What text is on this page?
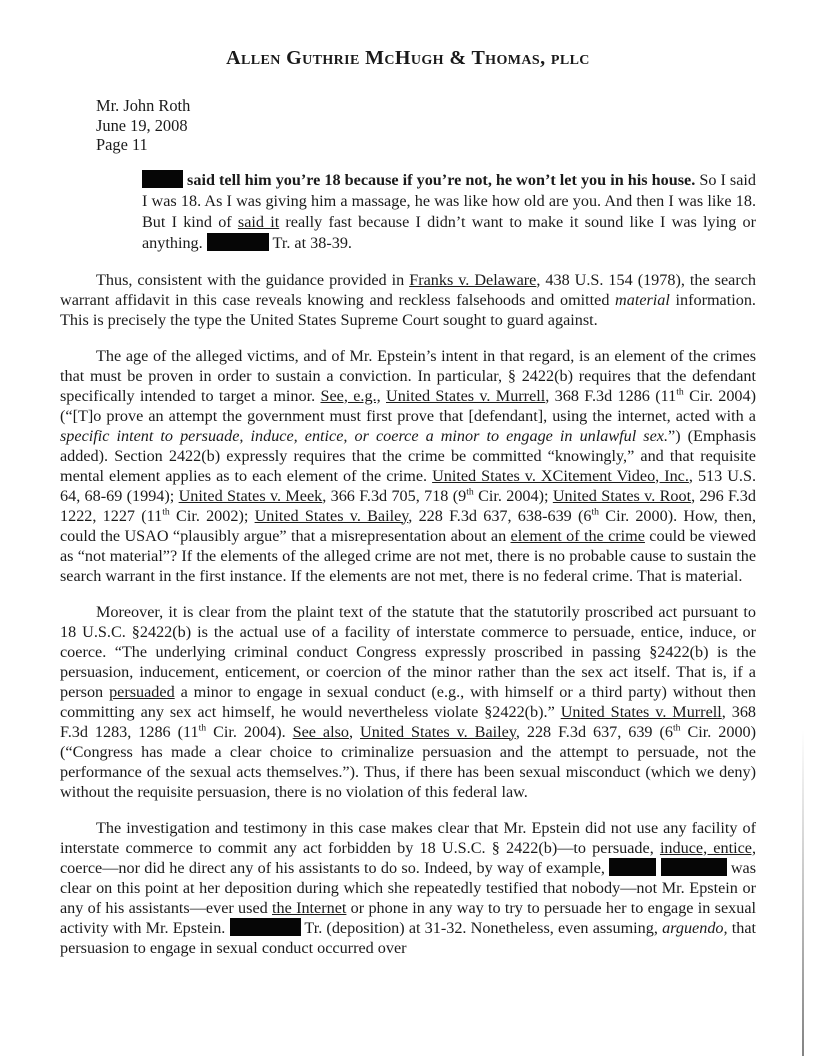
Allen Guthrie McHugh & Thomas, pllc
Mr. John Roth
June 19, 2008
Page 11
said tell him you’re 18 because if you’re not, he won’t let you in his house. So I said I was 18. As I was giving him a massage, he was like how old are you. And then I was like 18. But I kind of said it really fast because I didn’t want to make it sound like I was lying or anything.	Tr. at 38-39.
Thus, consistent with the guidance provided in Franks v. Delaware, 438 U.S. 154 (1978), the search warrant affidavit in this case reveals knowing and reckless falsehoods and omitted material information. This is precisely the type the United States Supreme Court sought to guard against.
The age of the alleged victims, and of Mr. Epstein’s intent in that regard, is an element of the crimes that must be proven in order to sustain a conviction. In particular, § 2422(b) requires that the defendant specifically intended to target a minor. See, e.g., United States v. Murrell, 368 F.3d 1286 (11th Cir. 2004) (“[T]o prove an attempt the government must first prove that [defendant], using the internet, acted with a specific intent to persuade, induce, entice, or coerce a minor to engage in unlawful sex.”) (Emphasis added). Section 2422(b) expressly requires that the crime be committed “knowingly,” and that requisite mental element applies as to each element of the crime. United States v. XCitement Video, Inc., 513 U.S. 64, 68-69 (1994); United States v. Meek, 366 F.3d 705, 718 (9th Cir. 2004); United States v. Root, 296 F.3d 1222, 1227 (11th Cir. 2002); United States v. Bailey, 228 F.3d 637, 638-639 (6th Cir. 2000). How, then, could the USAO “plausibly argue” that a misrepresentation about an element of the crime could be viewed as “not material”? If the elements of the alleged crime are not met, there is no probable cause to sustain the search warrant in the first instance. If the elements are not met, there is no federal crime. That is material.
Moreover, it is clear from the plaint text of the statute that the statutorily proscribed act pursuant to 18 U.S.C. §2422(b) is the actual use of a facility of interstate commerce to persuade, entice, induce, or coerce. “The underlying criminal conduct Congress expressly proscribed in passing §2422(b) is the persuasion, inducement, enticement, or coercion of the minor rather than the sex act itself. That is, if a person persuaded a minor to engage in sexual conduct (e.g., with himself or a third party) without then committing any sex act himself, he would nevertheless violate §2422(b).” United States v. Murrell, 368 F.3d 1283, 1286 (11th Cir. 2004). See also, United States v. Bailey, 228 F.3d 637, 639 (6th Cir. 2000) (“Congress has made a clear choice to criminalize persuasion and the attempt to persuade, not the performance of the sexual acts themselves.”). Thus, if there has been sexual misconduct (which we deny) without the requisite persuasion, there is no violation of this federal law.
The investigation and testimony in this case makes clear that Mr. Epstein did not use any facility of interstate commerce to commit any act forbidden by 18 U.S.C. § 2422(b)—to persuade, induce, entice, coerce—nor did he direct any of his assistants to do so. Indeed, by way of example,	was clear on this point at her deposition during which she repeatedly testified that nobody—not Mr. Epstein or any of his assistants—ever used the Internet or phone in any way to try to persuade her to engage in sexual activity with Mr. Epstein.	Tr. (deposition) at 31-32. Nonetheless, even assuming, arguendo, that persuasion to engage in sexual conduct occurred over
